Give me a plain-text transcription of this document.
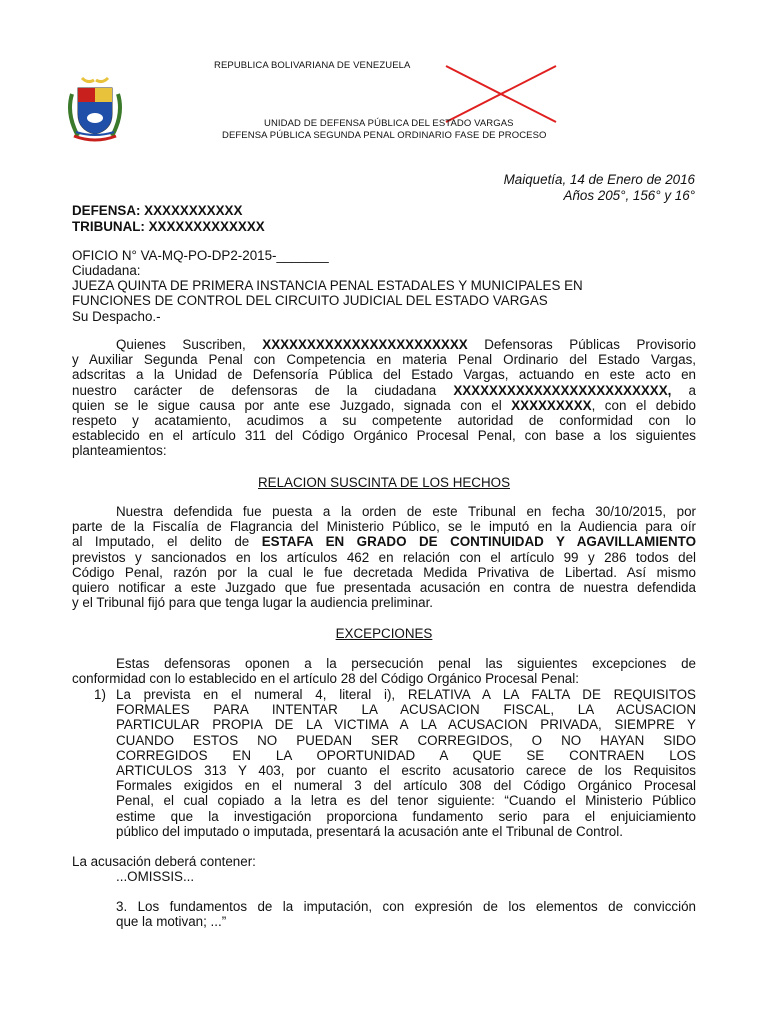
REPUBLICA BOLIVARIANA DE VENEZUELA
UNIDAD DE DEFENSA PÚBLICA DEL ESTADO VARGAS
DEFENSA PÚBLICA SEGUNDA PENAL ORDINARIO FASE DE PROCESO
Maiquetía, 14 de Enero de 2016
Años 205°, 156° y 16°
DEFENSA: XXXXXXXXXXX
TRIBUNAL: XXXXXXXXXXXXX
OFICIO N° VA-MQ-PO-DP2-2015-_______
Ciudadana:
JUEZA QUINTA DE PRIMERA INSTANCIA PENAL ESTADALES Y MUNICIPALES EN
FUNCIONES DE CONTROL DEL CIRCUITO JUDICIAL DEL ESTADO VARGAS
Su Despacho.-
Quienes Suscriben, XXXXXXXXXXXXXXXXXXXXXXX Defensoras Públicas Provisorio
y Auxiliar Segunda Penal con Competencia en materia Penal Ordinario del Estado Vargas,
adscritas a la Unidad de Defensoría Pública del Estado Vargas, actuando en este acto en
nuestro carácter de defensoras de la ciudadana XXXXXXXXXXXXXXXXXXXXXXXX, a
quien se le sigue causa por ante ese Juzgado, signada con el XXXXXXXXX, con el debido
respeto y acatamiento, acudimos a su competente autoridad de conformidad con lo
establecido en el artículo 311 del Código Orgánico Procesal Penal, con base a los siguientes
planteamientos:
RELACION SUSCINTA DE LOS HECHOS
Nuestra defendida fue puesta a la orden de este Tribunal en fecha 30/10/2015, por
parte de la Fiscalía de Flagrancia del Ministerio Público, se le imputó en la Audiencia para oír
al Imputado, el delito de ESTAFA EN GRADO DE CONTINUIDAD Y AGAVILLAMIENTO
previstos y sancionados en los artículos 462 en relación con el artículo 99 y 286 todos del
Código Penal, razón por la cual le fue decretada Medida Privativa de Libertad. Así mismo
quiero notificar a este Juzgado que fue presentada acusación en contra de nuestra defendida
y el Tribunal fijó para que tenga lugar la audiencia preliminar.
EXCEPCIONES
Estas defensoras oponen a la persecución penal las siguientes excepciones de
conformidad con lo establecido en el artículo 28 del Código Orgánico Procesal Penal:
1) La prevista en el numeral 4, literal i), RELATIVA A LA FALTA DE REQUISITOS
FORMALES PARA INTENTAR LA ACUSACION FISCAL, LA ACUSACION
PARTICULAR PROPIA DE LA VICTIMA A LA ACUSACION PRIVADA, SIEMPRE Y
CUANDO ESTOS NO PUEDAN SER CORREGIDOS, O NO HAYAN SIDO
CORREGIDOS EN LA OPORTUNIDAD A QUE SE CONTRAEN LOS
ARTICULOS 313 Y 403, por cuanto el escrito acusatorio carece de los Requisitos
Formales exigidos en el numeral 3 del artículo 308 del Código Orgánico Procesal
Penal, el cual copiado a la letra es del tenor siguiente: “Cuando el Ministerio Público
estime que la investigación proporciona fundamento serio para el enjuiciamiento
público del imputado o imputada, presentará la acusación ante el Tribunal de Control.
La acusación deberá contener:
...OMISSIS...
3. Los fundamentos de la imputación, con expresión de los elementos de convicción
que la motivan; ...”
